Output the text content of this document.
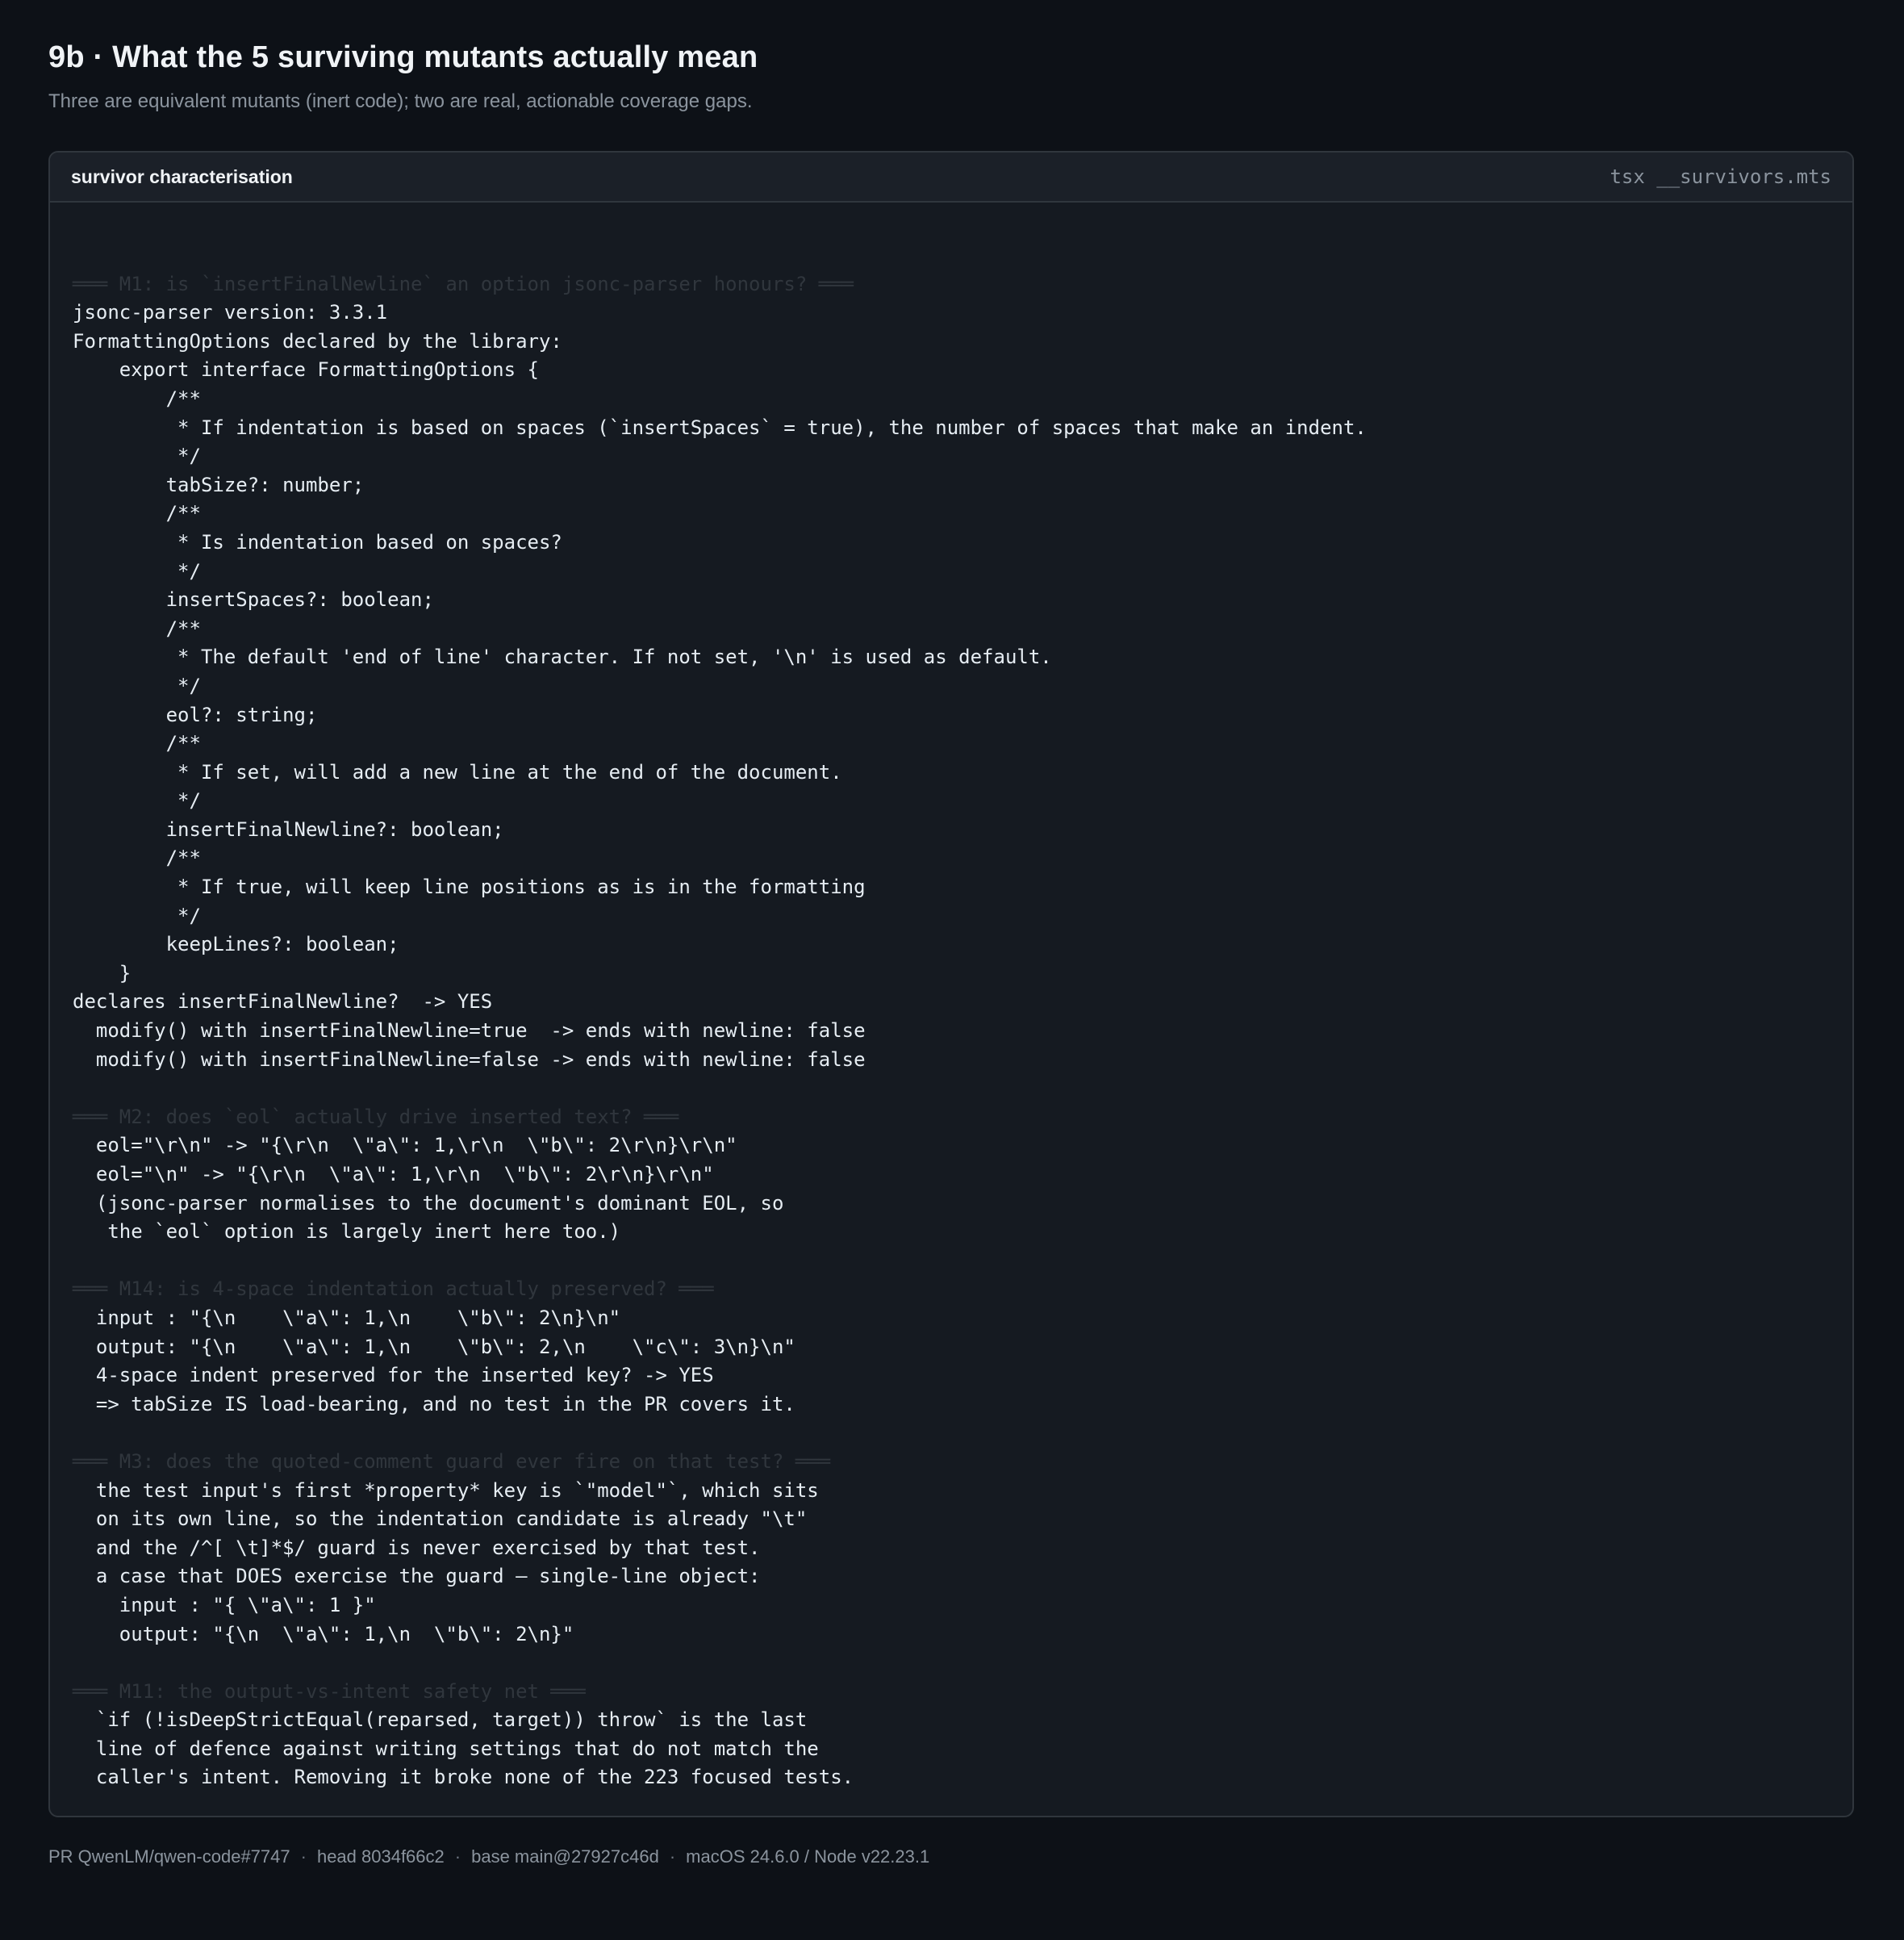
9b · What the 5 surviving mutants actually mean

Three are equivalent mutants (inert code); two are real, actionable coverage gaps.

survivor characterisation	tsx __survivors.mts
═══ M1: is `insertFinalNewline` an option jsonc-parser honours? ═══
jsonc-parser version: 3.3.1
FormattingOptions declared by the library:
export interface FormattingOptions {
/**
* If indentation is based on spaces (`insertSpaces` = true), the number of spaces that make an indent.
*/
tabSize?: number;
/**
* Is indentation based on spaces?
*/
insertSpaces?: boolean;
/**
* The default 'end of line' character. If not set, '\n' is used as default.
*/
eol?: string;
/**
* If set, will add a new line at the end of the document.
*/
insertFinalNewline?: boolean;
/**
* If true, will keep line positions as is in the formatting
*/
keepLines?: boolean;
}
declares insertFinalNewline?  -> YES
modify() with insertFinalNewline=true  -> ends with newline: false
modify() with insertFinalNewline=false -> ends with newline: false
═══ M2: does `eol` actually drive inserted text? ═══
eol="\r\n" -> "{\r\n  \"a\": 1,\r\n  \"b\": 2\r\n}\r\n"
eol="\n" -> "{\r\n  \"a\": 1,\r\n  \"b\": 2\r\n}\r\n"
(jsonc-parser normalises to the document's dominant EOL, so
the `eol` option is largely inert here too.)
═══ M14: is 4-space indentation actually preserved? ═══
input : "{\n    \"a\": 1,\n    \"b\": 2\n}\n"
output: "{\n    \"a\": 1,\n    \"b\": 2,\n    \"c\": 3\n}\n"
4-space indent preserved for the inserted key? -> YES
=> tabSize IS load-bearing, and no test in the PR covers it.
═══ M3: does the quoted-comment guard ever fire on that test? ═══
the test input's first *property* key is `"model"`, which sits
on its own line, so the indentation candidate is already "\t"
and the /^[ \t]*$/ guard is never exercised by that test.
a case that DOES exercise the guard — single-line object:
input : "{ \"a\": 1 }"
output: "{\n  \"a\": 1,\n  \"b\": 2\n}"
═══ M11: the output-vs-intent safety net ═══
`if (!isDeepStrictEqual(reparsed, target)) throw` is the last
line of defence against writing settings that do not match the
caller's intent. Removing it broke none of the 223 focused tests.
PR QwenLM/qwen-code#7747 · head 8034f66c2 · base main@27927c46d · macOS 24.6.0 / Node v22.23.1
